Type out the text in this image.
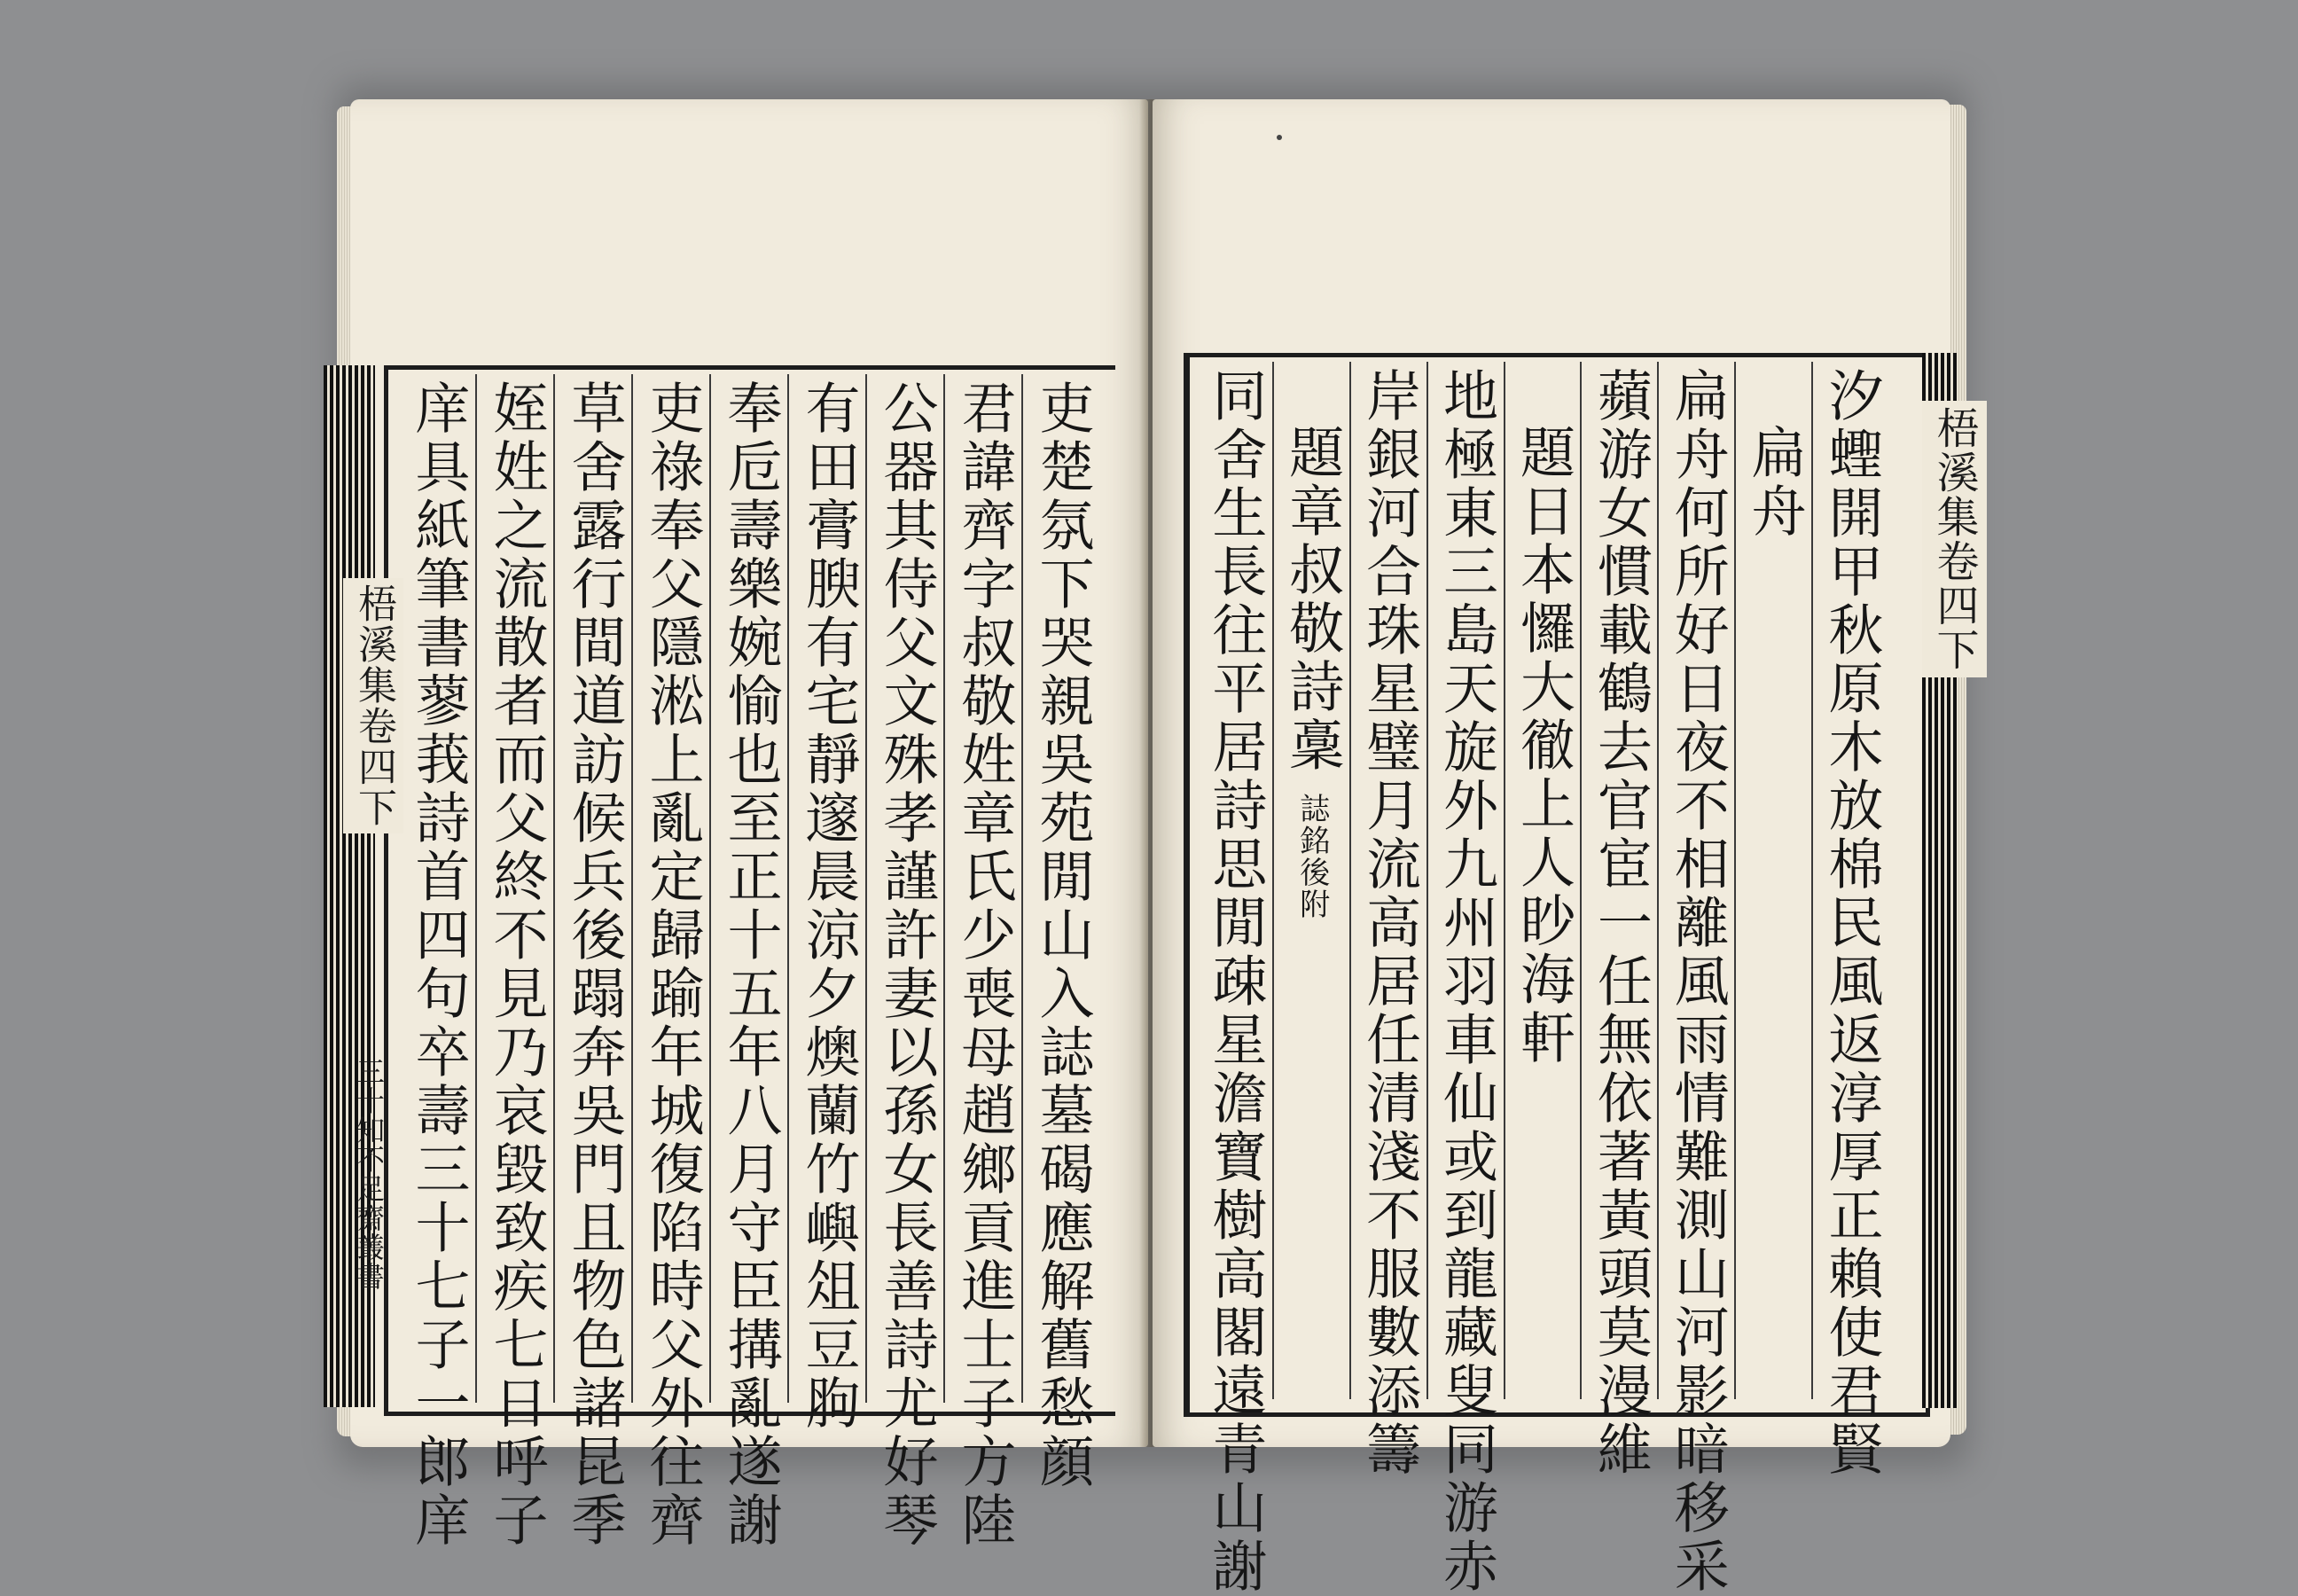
梧溪集卷四下
三十知不足齋叢書	吏楚氛下哭親吳苑閒山入誌墓碣應解舊愁顔
君諱齊字叔敬姓章氏少喪母趙鄉貢進士子方陸
公器其侍父文殊孝謹許妻以孫女長善詩尤好琴
有田膏腴有宅靜邃晨涼夕燠蘭竹嶼俎豆胊
奉卮壽樂婉愉也至正十五年八月守臣搆亂遂謝
吏祿奉父隱淞上亂定歸踰年城復陷時父外往齊
草舍露行間道訪候兵後蹋奔吳門且物色諸昆季
姪姓之流散者而父終不見乃哀毀致疾七日呼子
庠具紙筆書蓼莪詩首四句卒壽三十七子一郎庠	梧溪集卷四下
汐蟶開甲秋原木放棉民風返淳厚正賴使君賢
扁舟
扁舟何所好日夜不相離風雨情難測山河影暗移采
蘋游女慣載鶴去官宦一任無依著黃頭莫漫維
題日本㦬大徹上人眇海軒
地極東三島天旋外九州羽車仙或到龍藏叟同游赤
岸銀河合珠星璧月流高居任清淺不服數添籌
題章叔敬詩稾誌銘後附
同舍生長往平居詩思閒疎星澹寶樹高閣遠青山謝
